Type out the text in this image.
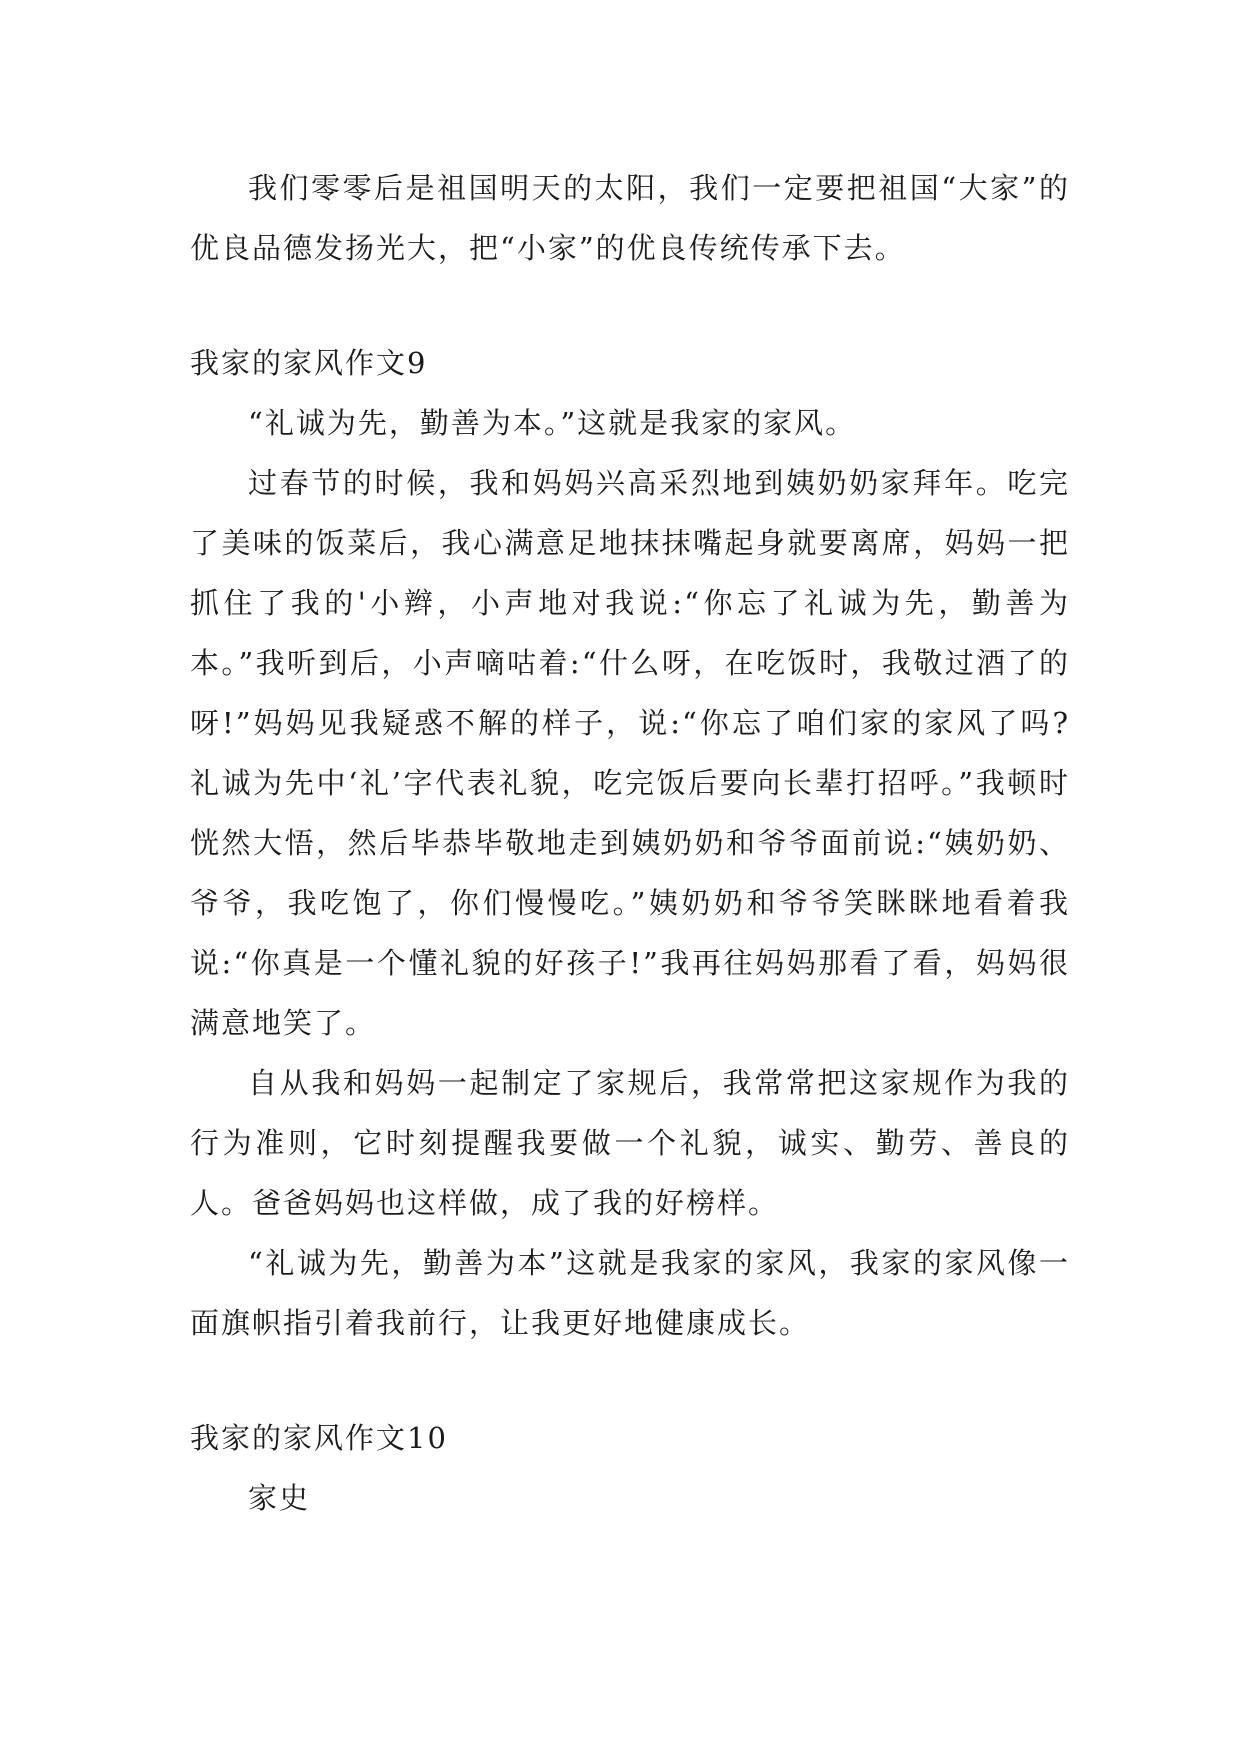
我们零零后是祖国明天的太阳，我们一定要把祖国“大家”的优良品德发扬光大，把“小家”的优良传统传承下去。

我家的家风作文9

“礼诚为先，勤善为本。”这就是我家的家风。

过春节的时候，我和妈妈兴高采烈地到姨奶奶家拜年。吃完了美味的饭菜后，我心满意足地抹抹嘴起身就要离席，妈妈一把抓住了我的'小辫，小声地对我说:“你忘了礼诚为先，勤善为本。”我听到后，小声嘀咕着:“什么呀，在吃饭时，我敬过酒了的呀!”妈妈见我疑惑不解的样子，说:“你忘了咱们家的家风了吗?礼诚为先中‘礼’字代表礼貌，吃完饭后要向长辈打招呼。”我顿时恍然大悟，然后毕恭毕敬地走到姨奶奶和爷爷面前说:“姨奶奶、爷爷，我吃饱了，你们慢慢吃。”姨奶奶和爷爷笑眯眯地看着我说:“你真是一个懂礼貌的好孩子!”我再往妈妈那看了看，妈妈很满意地笑了。

自从我和妈妈一起制定了家规后，我常常把这家规作为我的行为准则，它时刻提醒我要做一个礼貌，诚实、勤劳、善良的人。爸爸妈妈也这样做，成了我的好榜样。

“礼诚为先，勤善为本”这就是我家的家风，我家的家风像一面旗帜指引着我前行，让我更好地健康成长。

我家的家风作文10

家史
